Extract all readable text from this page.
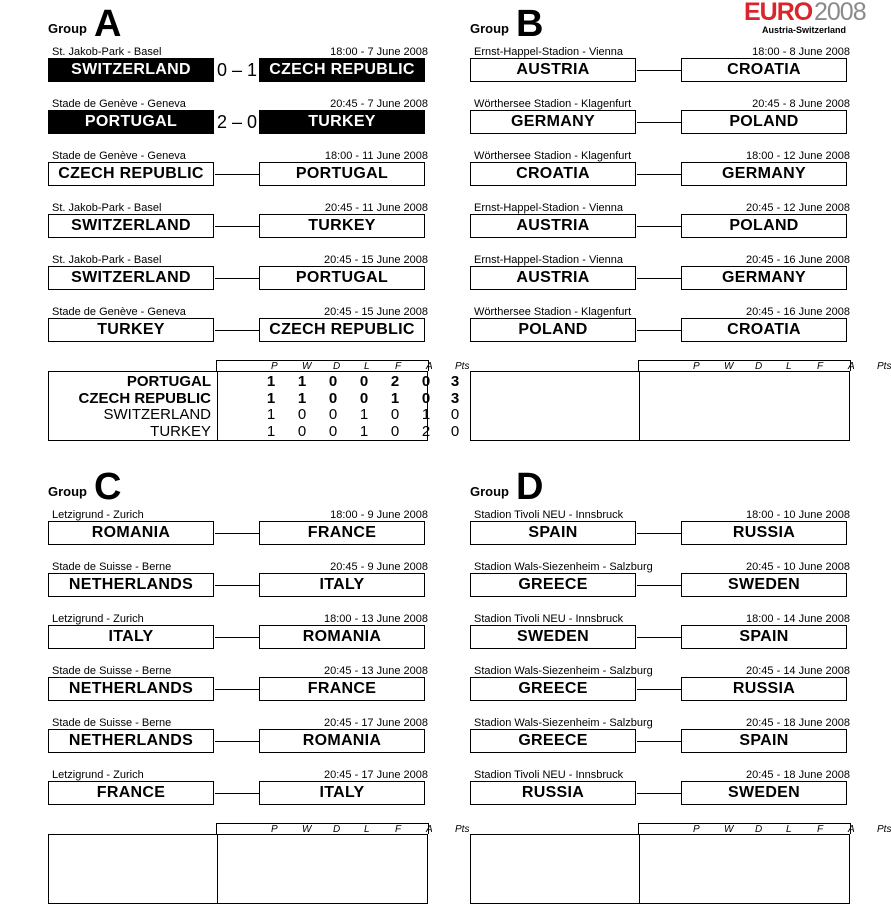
EURO 2008
Austria-Switzerland
Group A
St. Jakob-Park - Basel	18:00 - 7 June 2008
SWITZERLAND	0 – 1 CZECH REPUBLIC
Stade de Genève - Geneva	20:45 - 7 June 2008
PORTUGAL	2 – 0	TURKEY
Stade de Genève - Geneva	18:00 - 11 June 2008
CZECH REPUBLIC	PORTUGAL
St. Jakob-Park - Basel	20:45 - 11 June 2008
SWITZERLAND	TURKEY
St. Jakob-Park - Basel	20:45 - 15 June 2008
SWITZERLAND	PORTUGAL
Stade de Genève - Geneva	20:45 - 15 June 2008
TURKEY	CZECH REPUBLIC
P W D L	F A Pts
PORTUGAL	1	1	0	0	2	0	3
CZECH REPUBLIC	1	1	0	0	1	0	3
SWITZERLAND	1	0	0	1	0	1	0
TURKEY	1	0	0	1	0	2	0
Group B
Ernst-Happel-Stadion - Vienna	18:00 - 8 June 2008
AUSTRIA	CROATIA
Wörthersee Stadion - Klagenfurt	20:45 - 8 June 2008
GERMANY	POLAND
Wörthersee Stadion - Klagenfurt	18:00 - 12 June 2008
CROATIA	GERMANY
Ernst-Happel-Stadion - Vienna	20:45 - 12 June 2008
AUSTRIA	POLAND
Ernst-Happel-Stadion - Vienna	20:45 - 16 June 2008
AUSTRIA	GERMANY
Wörthersee Stadion - Klagenfurt	20:45 - 16 June 2008
POLAND	CROATIA
P W D L	F A Pts
Group C
Letzigrund - Zurich	18:00 - 9 June 2008
ROMANIA	FRANCE
Stade de Suisse - Berne	20:45 - 9 June 2008
NETHERLANDS	ITALY
Letzigrund - Zurich	18:00 - 13 June 2008
ITALY	ROMANIA
Stade de Suisse - Berne	20:45 - 13 June 2008
NETHERLANDS	FRANCE
Stade de Suisse - Berne	20:45 - 17 June 2008
NETHERLANDS	ROMANIA
Letzigrund - Zurich	20:45 - 17 June 2008
FRANCE	ITALY
P W D L	F A Pts
Group D
Stadion Tivoli NEU - Innsbruck	18:00 - 10 June 2008
SPAIN	RUSSIA
Stadion Wals-Siezenheim - Salzburg	20:45 - 10 June 2008
GREECE	SWEDEN
Stadion Tivoli NEU - Innsbruck	18:00 - 14 June 2008
SWEDEN	SPAIN
Stadion Wals-Siezenheim - Salzburg	20:45 - 14 June 2008
GREECE	RUSSIA
Stadion Wals-Siezenheim - Salzburg	20:45 - 18 June 2008
GREECE	SPAIN
Stadion Tivoli NEU - Innsbruck	20:45 - 18 June 2008
RUSSIA	SWEDEN
P W D L	F A Pts
